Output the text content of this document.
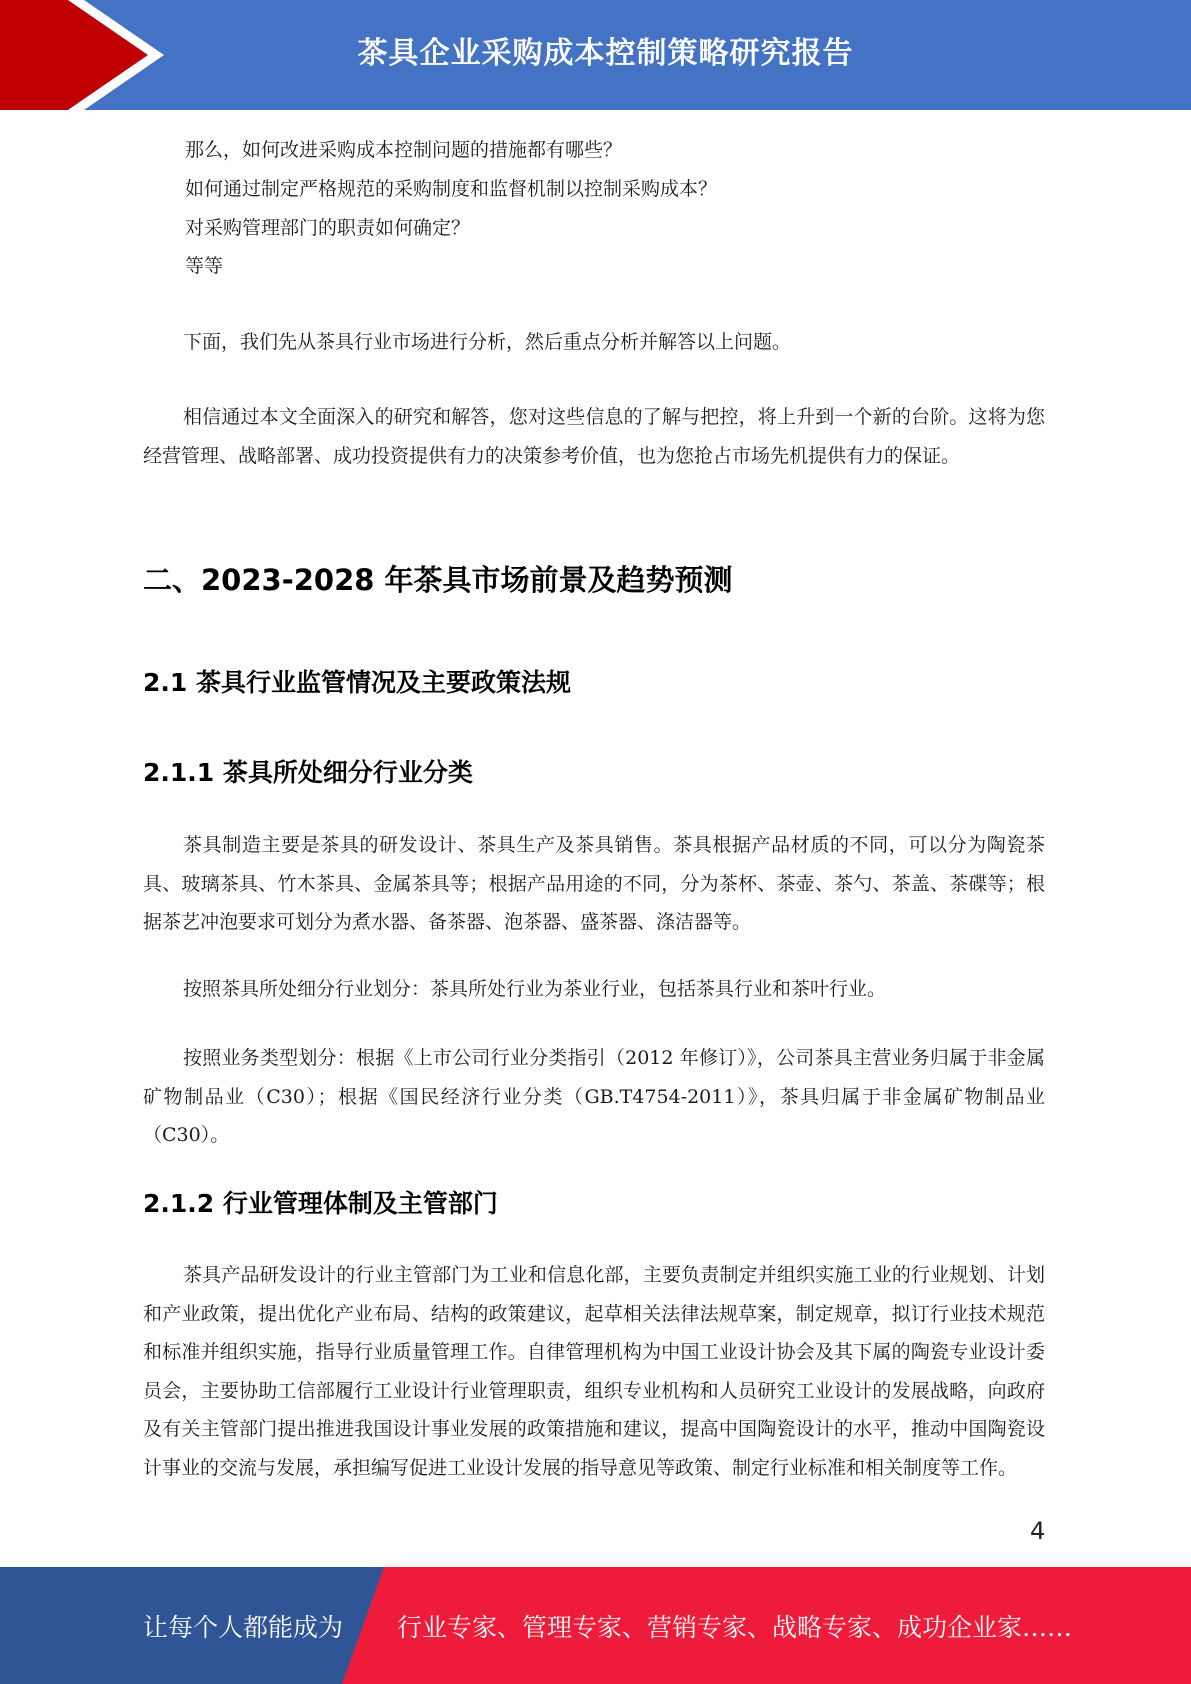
茶具企业采购成本控制策略研究报告
那么，如何改进采购成本控制问题的措施都有哪些？
如何通过制定严格规范的采购制度和监督机制以控制采购成本？
对采购管理部门的职责如何确定？
等等
下面，我们先从茶具行业市场进行分析，然后重点分析并解答以上问题。
相信通过本文全面深入的研究和解答，您对这些信息的了解与把控，将上升到一个新的台阶。这将为您经营管理、战略部署、成功投资提供有力的决策参考价值，也为您抢占市场先机提供有力的保证。
二、2023-2028 年茶具市场前景及趋势预测
2.1 茶具行业监管情况及主要政策法规
2.1.1 茶具所处细分行业分类
茶具制造主要是茶具的研发设计、茶具生产及茶具销售。茶具根据产品材质的不同，可以分为陶瓷茶具、玻璃茶具、竹木茶具、金属茶具等；根据产品用途的不同，分为茶杯、茶壶、茶勺、茶盖、茶碟等；根据茶艺冲泡要求可划分为煮水器、备茶器、泡茶器、盛茶器、涤洁器等。
按照茶具所处细分行业划分：茶具所处行业为茶业行业，包括茶具行业和茶叶行业。
按照业务类型划分：根据《上市公司行业分类指引（2012 年修订）》，公司茶具主营业务归属于非金属矿物制品业（C30）；根据《国民经济行业分类（GB.T4754-2011）》，茶具归属于非金属矿物制品业（C30）。
2.1.2 行业管理体制及主管部门
茶具产品研发设计的行业主管部门为工业和信息化部，主要负责制定并组织实施工业的行业规划、计划和产业政策，提出优化产业布局、结构的政策建议，起草相关法律法规草案，制定规章，拟订行业技术规范和标准并组织实施，指导行业质量管理工作。自律管理机构为中国工业设计协会及其下属的陶瓷专业设计委员会，主要协助工信部履行工业设计行业管理职责，组织专业机构和人员研究工业设计的发展战略，向政府及有关主管部门提出推进我国设计事业发展的政策措施和建议，提高中国陶瓷设计的水平，推动中国陶瓷设计事业的交流与发展，承担编写促进工业设计发展的指导意见等政策、制定行业标准和相关制度等工作。
4
让每个人都能成为 行业专家、管理专家、营销专家、战略专家、成功企业家……
